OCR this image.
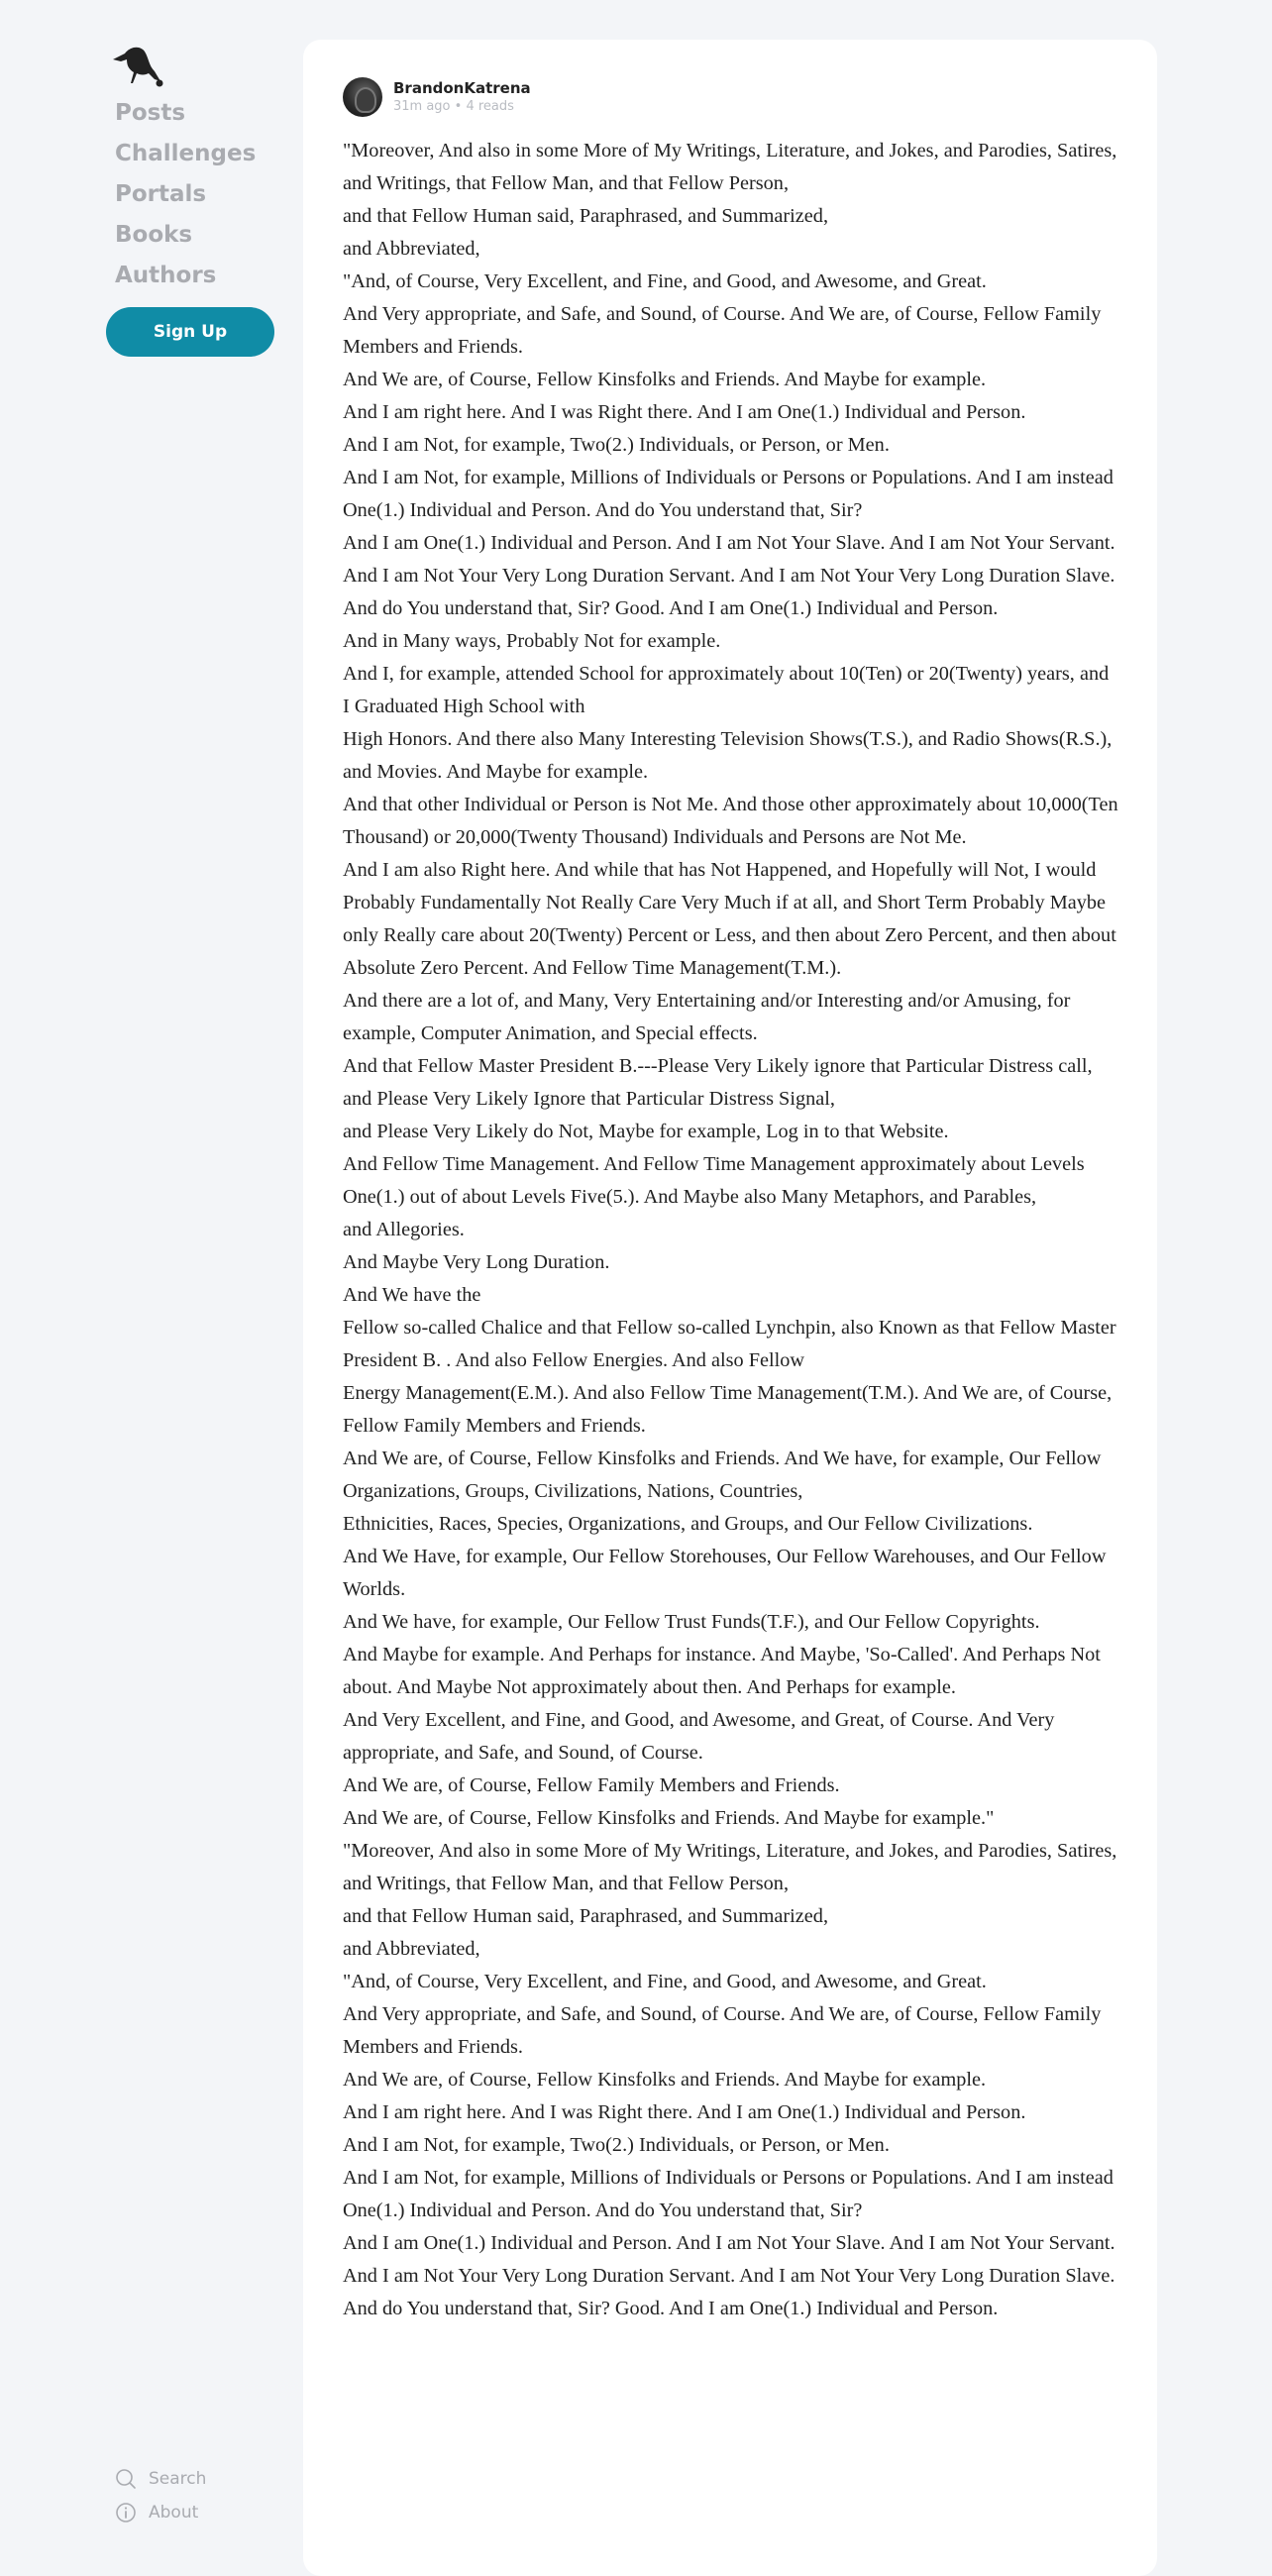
Posts
Challenges
Portals
Books
Authors
Sign Up
Search
About
BrandonKatrena
31m ago • 4 reads

"Moreover, And also in some More of My Writings, Literature, and Jokes, and Parodies, Satires, and Writings, that Fellow Man, and that Fellow Person,

and that Fellow Human said, Paraphrased, and Summarized,

and Abbreviated,

"And, of Course, Very Excellent, and Fine, and Good, and Awesome, and Great.

And Very appropriate, and Safe, and Sound, of Course. And We are, of Course, Fellow Family Members and Friends.

And We are, of Course, Fellow Kinsfolks and Friends. And Maybe for example.

And I am right here. And I was Right there. And I am One(1.) Individual and Person.

And I am Not, for example, Two(2.) Individuals, or Person, or Men.

And I am Not, for example, Millions of Individuals or Persons or Populations. And I am instead One(1.) Individual and Person. And do You understand that, Sir?

And I am One(1.) Individual and Person. And I am Not Your Slave. And I am Not Your Servant. And I am Not Your Very Long Duration Servant. And I am Not Your Very Long Duration Slave. And do You understand that, Sir? Good. And I am One(1.) Individual and Person.

And in Many ways, Probably Not for example.

And I, for example, attended School for approximately about 10(Ten) or 20(Twenty) years, and

I Graduated High School with

High Honors. And there also Many Interesting Television Shows(T.S.), and Radio Shows(R.S.), and Movies. And Maybe for example.

And that other Individual or Person is Not Me. And those other approximately about 10,000(Ten Thousand) or 20,000(Twenty Thousand) Individuals and Persons are Not Me.

And I am also Right here. And while that has Not Happened, and Hopefully will Not, I would Probably Fundamentally Not Really Care Very Much if at all, and Short Term Probably Maybe only Really care about 20(Twenty) Percent or Less, and then about Zero Percent, and then about Absolute Zero Percent. And Fellow Time Management(T.M.).

And there are a lot of, and Many, Very Entertaining and/or Interesting and/or Amusing, for example, Computer Animation, and Special effects.

And that Fellow Master President B.---Please Very Likely ignore that Particular Distress call, and Please Very Likely Ignore that Particular Distress Signal,

and Please Very Likely do Not, Maybe for example, Log in to that Website.

And Fellow Time Management. And Fellow Time Management approximately about Levels One(1.) out of about Levels Five(5.). And Maybe also Many Metaphors, and Parables,

and Allegories.

And Maybe Very Long Duration.

And We have the

Fellow so-called Chalice and that Fellow so-called Lynchpin, also Known as that Fellow Master President B. . And also Fellow Energies. And also Fellow

Energy Management(E.M.). And also Fellow Time Management(T.M.). And We are, of Course, Fellow Family Members and Friends.

And We are, of Course, Fellow Kinsfolks and Friends. And We have, for example, Our Fellow Organizations, Groups, Civilizations, Nations, Countries,

Ethnicities, Races, Species, Organizations, and Groups, and Our Fellow Civilizations.

And We Have, for example, Our Fellow Storehouses, Our Fellow Warehouses, and Our Fellow Worlds.

And We have, for example, Our Fellow Trust Funds(T.F.), and Our Fellow Copyrights.

And Maybe for example. And Perhaps for instance. And Maybe, 'So-Called'. And Perhaps Not about. And Maybe Not approximately about then. And Perhaps for example.

And Very Excellent, and Fine, and Good, and Awesome, and Great, of Course. And Very appropriate, and Safe, and Sound, of Course.

And We are, of Course, Fellow Family Members and Friends.

And We are, of Course, Fellow Kinsfolks and Friends. And Maybe for example."

"Moreover, And also in some More of My Writings, Literature, and Jokes, and Parodies, Satires, and Writings, that Fellow Man, and that Fellow Person,

and that Fellow Human said, Paraphrased, and Summarized,

and Abbreviated,

"And, of Course, Very Excellent, and Fine, and Good, and Awesome, and Great.

And Very appropriate, and Safe, and Sound, of Course. And We are, of Course, Fellow Family Members and Friends.

And We are, of Course, Fellow Kinsfolks and Friends. And Maybe for example.

And I am right here. And I was Right there. And I am One(1.) Individual and Person.

And I am Not, for example, Two(2.) Individuals, or Person, or Men.

And I am Not, for example, Millions of Individuals or Persons or Populations. And I am instead One(1.) Individual and Person. And do You understand that, Sir?

And I am One(1.) Individual and Person. And I am Not Your Slave. And I am Not Your Servant. And I am Not Your Very Long Duration Servant. And I am Not Your Very Long Duration Slave. And do You understand that, Sir? Good. And I am One(1.) Individual and Person.
